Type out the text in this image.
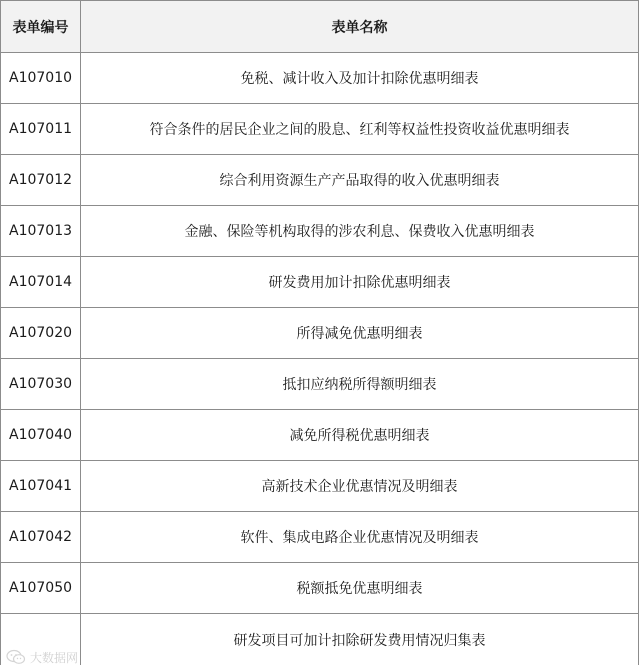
表单编号	表单名称
A107010	免税、减计收入及加计扣除优惠明细表
A107011	符合条件的居民企业之间的股息、红利等权益性投资收益优惠明细表
A107012	综合利用资源生产产品取得的收入优惠明细表
A107013	金融、保险等机构取得的涉农利息、保费收入优惠明细表
A107014	研发费用加计扣除优惠明细表
A107020	所得减免优惠明细表
A107030	抵扣应纳税所得额明细表
A107040	减免所得税优惠明细表
A107041	高新技术企业优惠情况及明细表
A107042	软件、集成电路企业优惠情况及明细表
A107050	税额抵免优惠明细表
	研发项目可加计扣除研发费用情况归集表
大数据网
